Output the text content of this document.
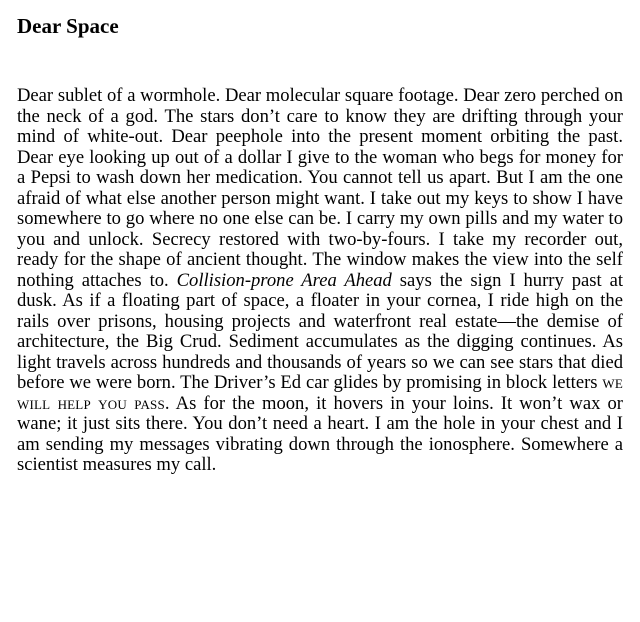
Dear Space

Dear sublet of a wormhole. Dear molecular square footage. Dear zero perched on the neck of a god. The stars don’t care to know they are drifting through your mind of white-out. Dear peephole into the present moment orbiting the past. Dear eye looking up out of a dollar I give to the woman who begs for money for a Pepsi to wash down her medication. You cannot tell us apart. But I am the one afraid of what else another person might want. I take out my keys to show I have somewhere to go where no one else can be. I carry my own pills and my water to you and unlock. Secrecy restored with two-by-fours. I take my recorder out, ready for the shape of ancient thought. The window makes the view into the self nothing attaches to. Collision-prone Area Ahead says the sign I hurry past at dusk. As if a floating part of space, a floater in your cornea, I ride high on the rails over prisons, housing projects and waterfront real estate—the demise of architecture, the Big Crud. Sediment accumulates as the digging continues. As light travels across hundreds and thousands of years so we can see stars that died before we were born. The Driver’s Ed car glides by promising in block letters we will help you pass. As for the moon, it hovers in your loins. It won’t wax or wane; it just sits there. You don’t need a heart. I am the hole in your chest and I am sending my messages vibrating down through the ionosphere. Somewhere a scientist measures my call.
